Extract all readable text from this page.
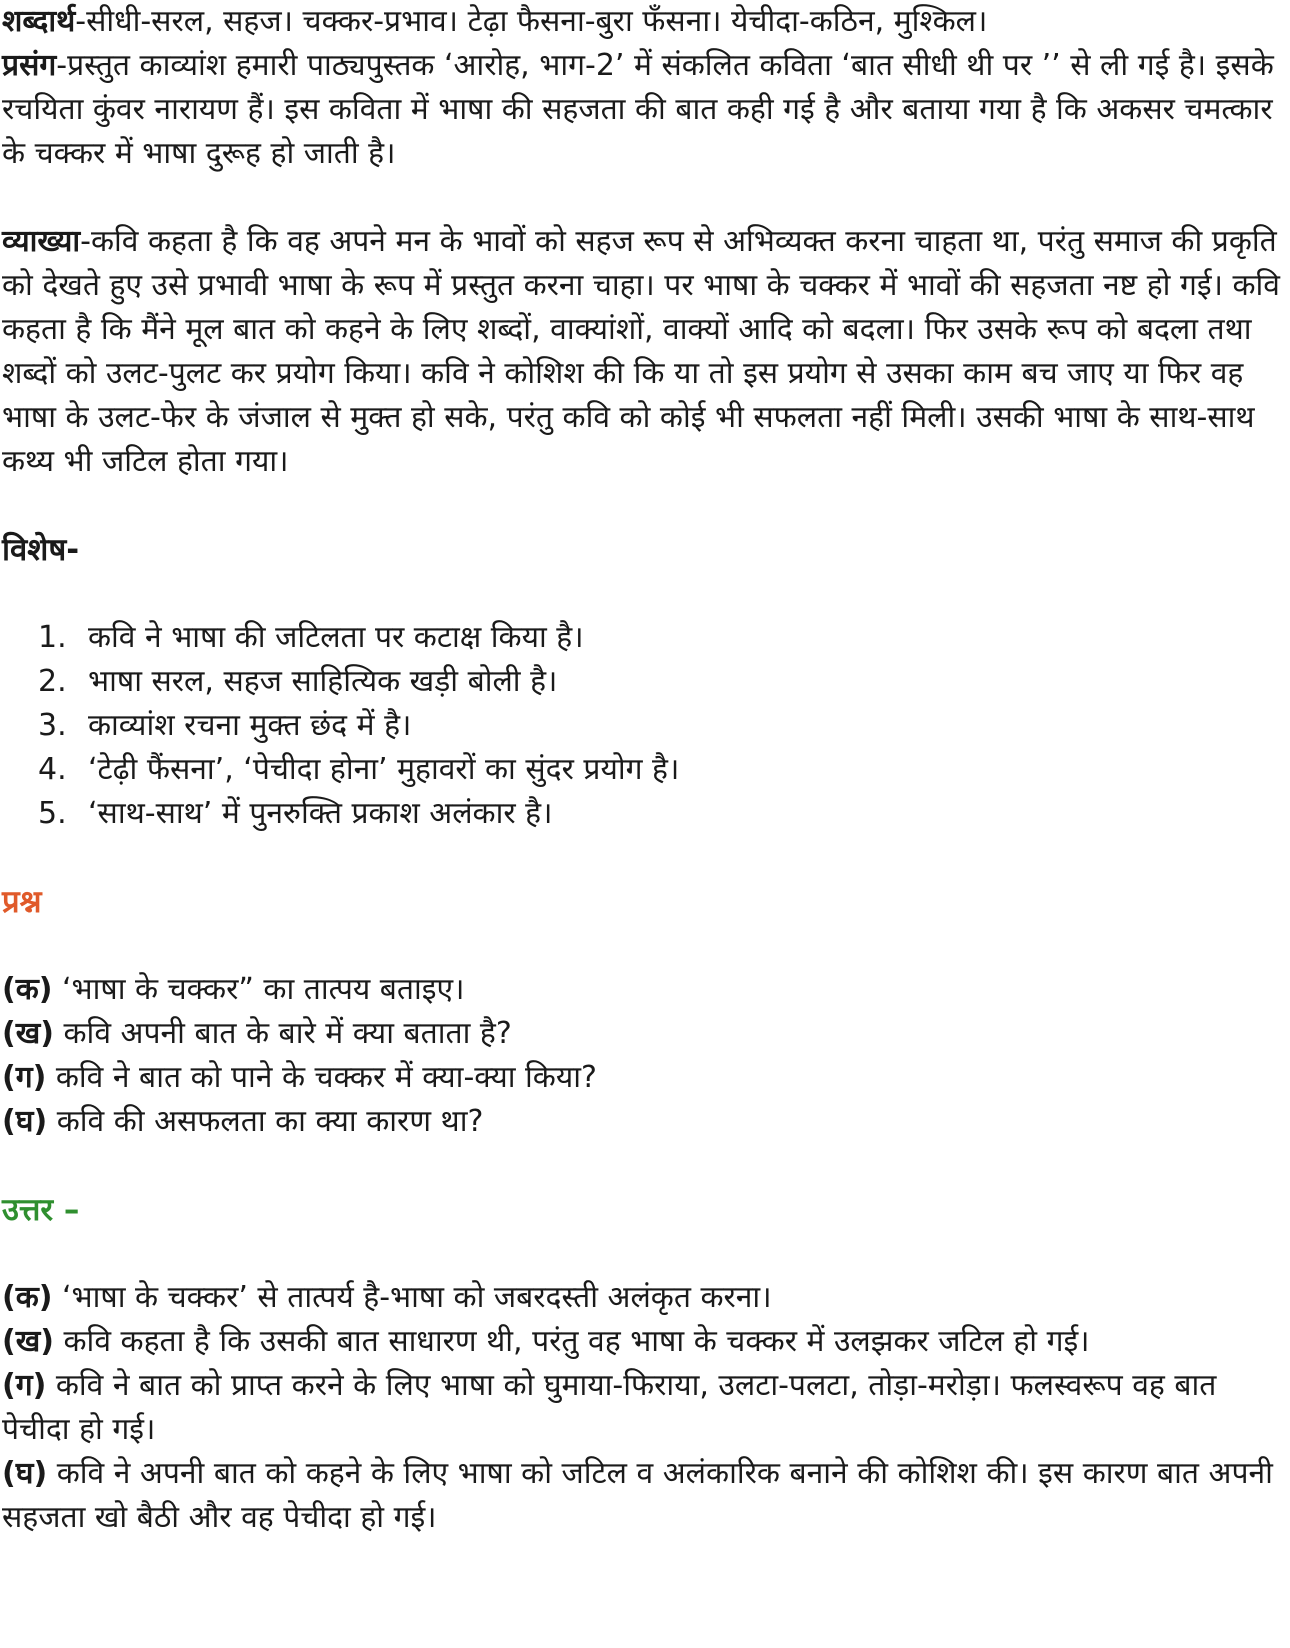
शब्दार्थ-सीधी-सरल, सहज। चक्कर-प्रभाव। टेढ़ा फैसना-बुरा फँसना। येचीदा-कठिन, मुश्किल।

प्रसंग-प्रस्तुत काव्यांश हमारी पाठ्यपुस्तक ‘आरोह, भाग-2’ में संकलित कविता ‘बात सीधी थी पर ’’ से ली गई है। इसके रचयिता कुंवर नारायण हैं। इस कविता में भाषा की सहजता की बात कही गई है और बताया गया है कि अकसर चमत्कार के चक्कर में भाषा दुरूह हो जाती है।

व्याख्या-कवि कहता है कि वह अपने मन के भावों को सहज रूप से अभिव्यक्त करना चाहता था, परंतु समाज की प्रकृति को देखते हुए उसे प्रभावी भाषा के रूप में प्रस्तुत करना चाहा। पर भाषा के चक्कर में भावों की सहजता नष्ट हो गई। कवि कहता है कि मैंने मूल बात को कहने के लिए शब्दों, वाक्यांशों, वाक्यों आदि को बदला। फिर उसके रूप को बदला तथा शब्दों को उलट-पुलट कर प्रयोग किया। कवि ने कोशिश की कि या तो इस प्रयोग से उसका काम बच जाए या फिर वह भाषा के उलट-फेर के जंजाल से मुक्त हो सके, परंतु कवि को कोई भी सफलता नहीं मिली। उसकी भाषा के साथ-साथ कथ्य भी जटिल होता गया।

विशेष-

1. कवि ने भाषा की जटिलता पर कटाक्ष किया है।
2. भाषा सरल, सहज साहित्यिक खड़ी बोली है।
3. काव्यांश रचना मुक्त छंद में है।
4. ‘टेढ़ी फैंसना’, ‘पेचीदा होना’ मुहावरों का सुंदर प्रयोग है।
5. ‘साथ-साथ’ में पुनरुक्ति प्रकाश अलंकार है।

प्रश्न

(क) ‘भाषा के चक्कर” का तात्पय बताइए।

(ख) कवि अपनी बात के बारे में क्या बताता है?

(ग) कवि ने बात को पाने के चक्कर में क्या-क्या किया?

(घ) कवि की असफलता का क्या कारण था?

उत्तर –

(क) ‘भाषा के चक्कर’ से तात्पर्य है-भाषा को जबरदस्ती अलंकृत करना।

(ख) कवि कहता है कि उसकी बात साधारण थी, परंतु वह भाषा के चक्कर में उलझकर जटिल हो गई।

(ग) कवि ने बात को प्राप्त करने के लिए भाषा को घुमाया-फिराया, उलटा-पलटा, तोड़ा-मरोड़ा। फलस्वरूप वह बात पेचीदा हो गई।

(घ) कवि ने अपनी बात को कहने के लिए भाषा को जटिल व अलंकारिक बनाने की कोशिश की। इस कारण बात अपनी सहजता खो बैठी और वह पेचीदा हो गई।
